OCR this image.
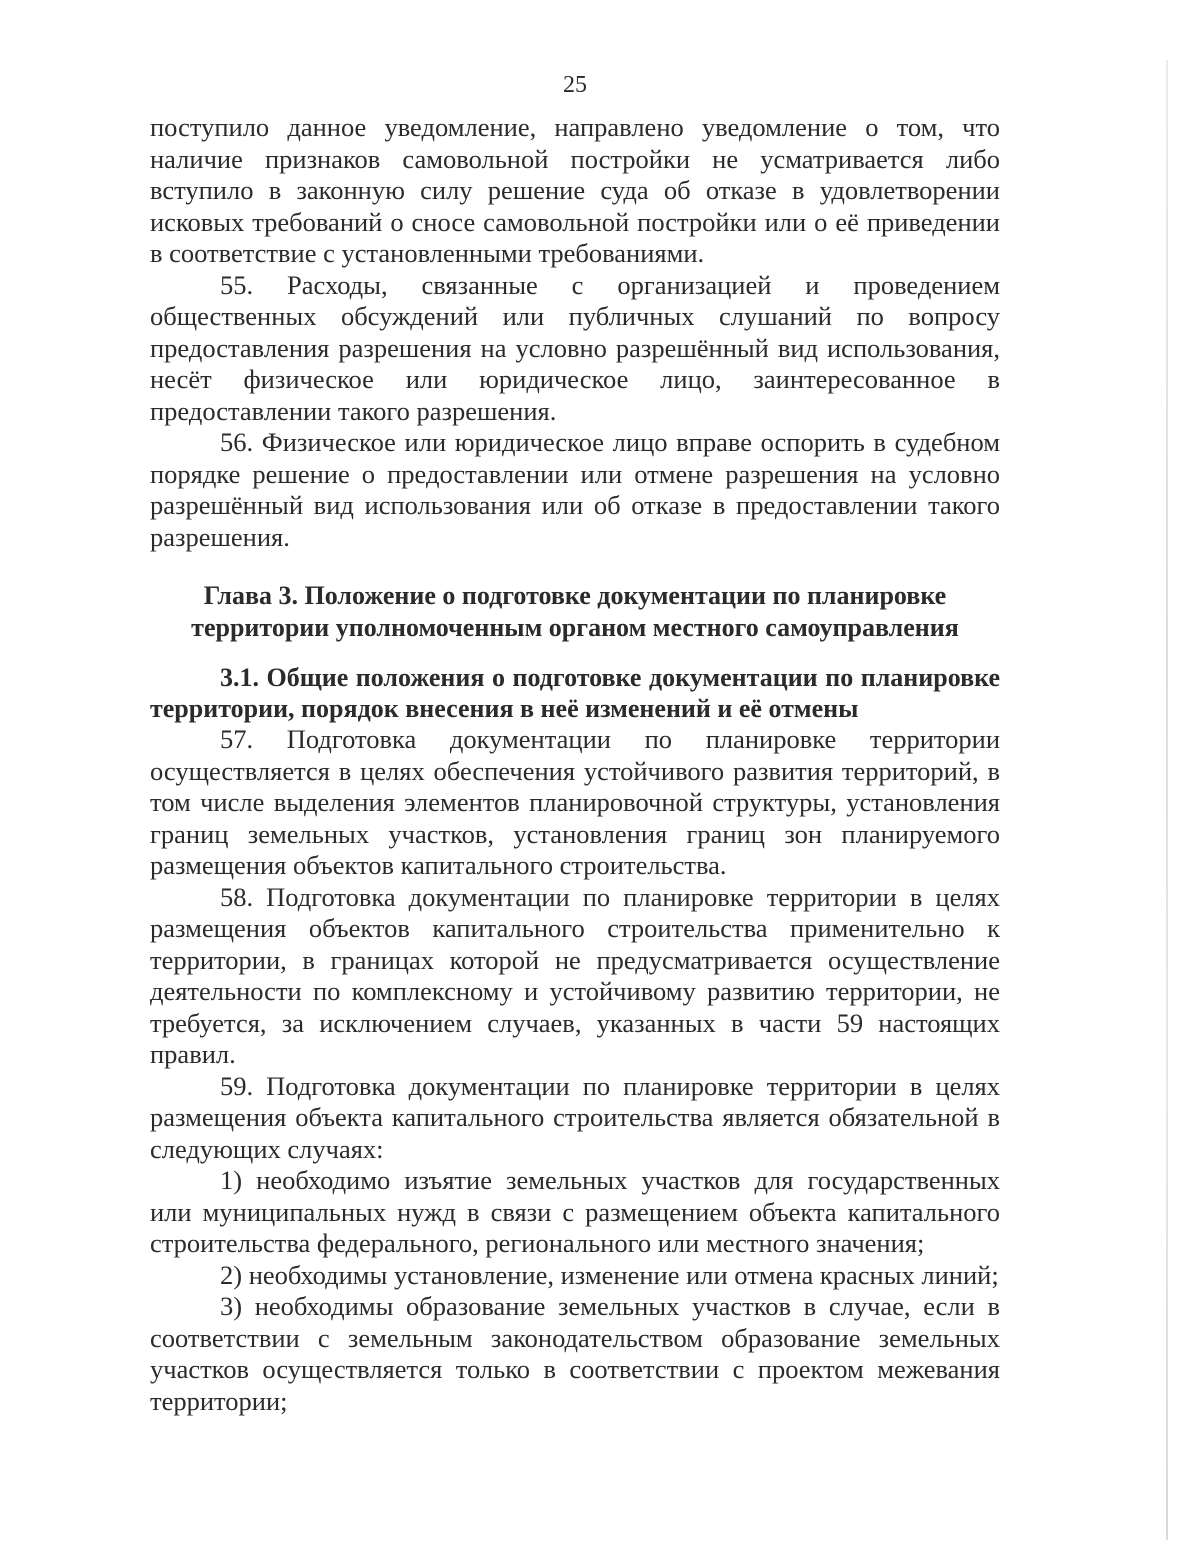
25

поступило данное уведомление, направлено уведомление о том, что наличие признаков самовольной постройки не усматривается либо вступило в законную силу решение суда об отказе в удовлетворении исковых требований о сносе самовольной постройки или о её приведении в соответствие с установленными требованиями.

55. Расходы, связанные с организацией и проведением общественных обсуждений или публичных слушаний по вопросу предоставления разрешения на условно разрешённый вид использования, несёт физическое или юридическое лицо, заинтересованное в предоставлении такого разрешения.

56. Физическое или юридическое лицо вправе оспорить в судебном порядке решение о предоставлении или отмене разрешения на условно разрешённый вид использования или об отказе в предоставлении такого разрешения.

Глава 3. Положение о подготовке документации по планировке территории уполномоченным органом местного самоуправления
3.1. Общие положения о подготовке документации по планировке территории, порядок внесения в неё изменений и её отмены

57. Подготовка документации по планировке территории осуществляется в целях обеспечения устойчивого развития территорий, в том числе выделения элементов планировочной структуры, установления границ земельных участков, установления границ зон планируемого размещения объектов капитального строительства.

58. Подготовка документации по планировке территории в целях размещения объектов капитального строительства применительно к территории, в границах которой не предусматривается осуществление деятельности по комплексному и устойчивому развитию территории, не требуется, за исключением случаев, указанных в части 59 настоящих правил.

59. Подготовка документации по планировке территории в целях размещения объекта капитального строительства является обязательной в следующих случаях:

1) необходимо изъятие земельных участков для государственных или муниципальных нужд в связи с размещением объекта капитального строительства федерального, регионального или местного значения;

2) необходимы установление, изменение или отмена красных линий;

3) необходимы образование земельных участков в случае, если в соответствии с земельным законодательством образование земельных участков осуществляется только в соответствии с проектом межевания территории;
